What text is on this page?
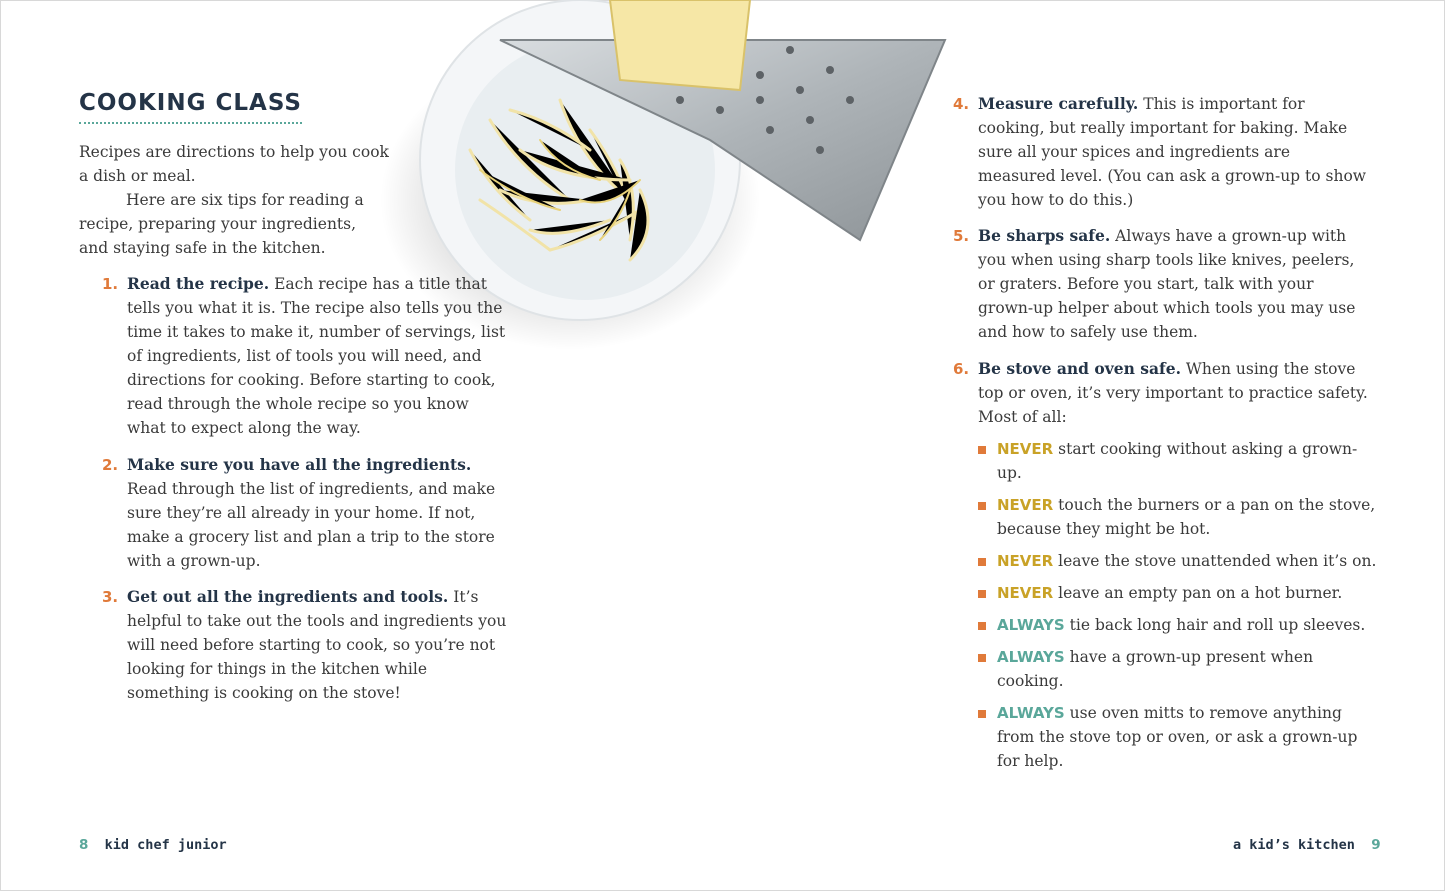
COOKING CLASS

Recipes are directions to help you cook a dish or meal.

Here are six tips for reading a recipe, preparing your ingredients, and staying safe in the kitchen.

1. Read the recipe. Each recipe has a title that tells you what it is. The recipe also tells you the time it takes to make it, number of servings, list of ingredients, list of tools you will need, and directions for cooking. Before starting to cook, read through the whole recipe so you know what to expect along the way.

2. Make sure you have all the ingredients. Read through the list of ingredients, and make sure they’re all already in your home. If not, make a grocery list and plan a trip to the store with a grown-up.

3. Get out all the ingredients and tools. It’s helpful to take out the tools and ingredients you will need before starting to cook, so you’re not looking for things in the kitchen while something is cooking on the stove!

4. Measure carefully. This is important for cooking, but really important for baking. Make sure all your spices and ingredients are measured level. (You can ask a grown-up to show you how to do this.)

5. Be sharps safe. Always have a grown-up with you when using sharp tools like knives, peelers, or graters. Before you start, talk with your grown-up helper about which tools you may use and how to safely use them.

6. Be stove and oven safe. When using the stove top or oven, it’s very important to practice safety. Most of all:

NEVER start cooking without asking a grown-up.
NEVER touch the burners or a pan on the stove, because they might be hot.
NEVER leave the stove unattended when it’s on.
NEVER leave an empty pan on a hot burner.
ALWAYS tie back long hair and roll up sleeves.
ALWAYS have a grown-up present when cooking.
ALWAYS use oven mitts to remove anything from the stove top or oven, or ask a grown-up for help.
8 kid chef junior	a kid’s kitchen 9
